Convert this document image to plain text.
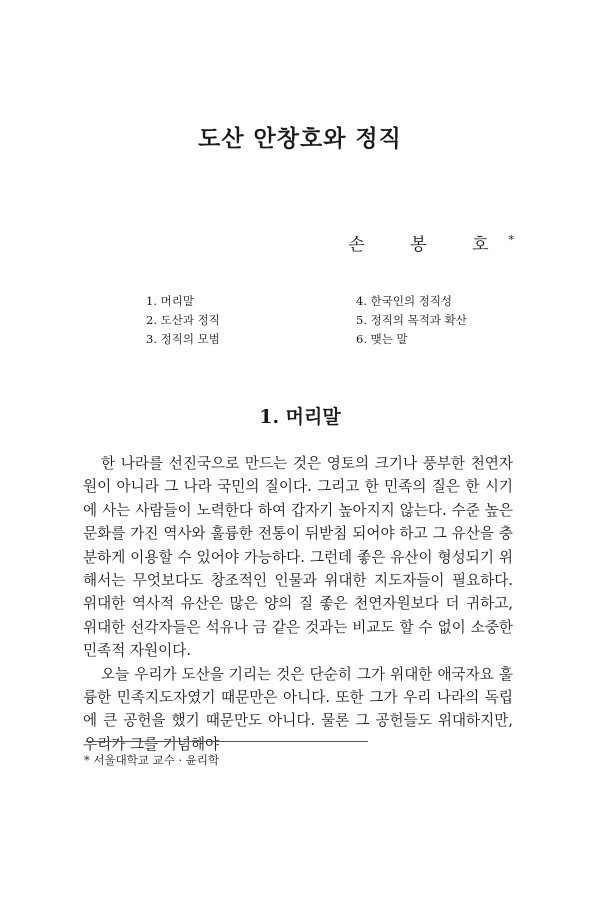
도산 안창호와 정직
손 봉 호*
1. 머리말
2. 도산과 정직
3. 정직의 모범
4. 한국인의 정직성
5. 정직의 목적과 확산
6. 맺는 말
1. 머리말

한 나라를 선진국으로 만드는 것은 영토의 크기나 풍부한 천연자원이 아니라 그 나라 국민의 질이다. 그리고 한 민족의 질은 한 시기에 사는 사람들이 노력한다 하여 갑자기 높아지지 않는다. 수준 높은 문화를 가진 역사와 훌륭한 전통이 뒤받침 되어야 하고 그 유산을 충분하게 이용할 수 있어야 가능하다. 그런데 좋은 유산이 형성되기 위해서는 무엇보다도 창조적인 인물과 위대한 지도자들이 필요하다. 위대한 역사적 유산은 많은 양의 질 좋은 천연자원보다 더 귀하고, 위대한 선각자들은 석유나 금 같은 것과는 비교도 할 수 없이 소중한 민족적 자원이다.

오늘 우리가 도산을 기리는 것은 단순히 그가 위대한 애국자요 훌륭한 민족지도자였기 때문만은 아니다. 또한 그가 우리 나라의 독립에 큰 공헌을 했기 때문만도 아니다. 물론 그 공헌들도 위대하지만, 우리가 그를 기념해야

* 서울대학교 교수 · 윤리학
